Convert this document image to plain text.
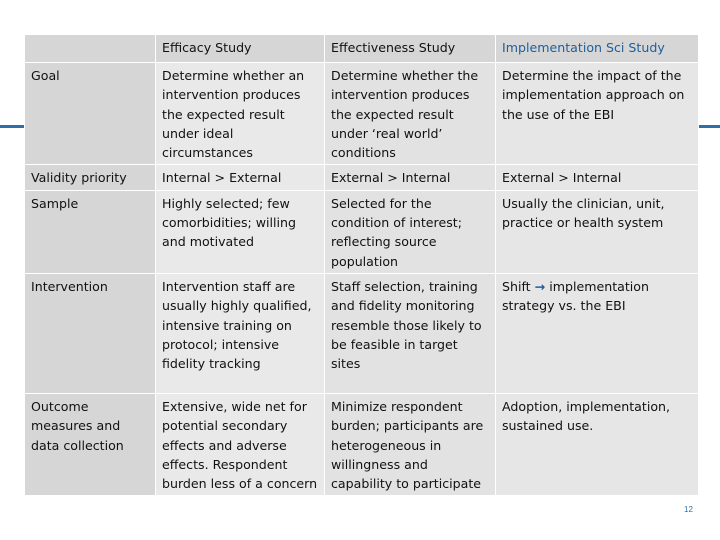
	Efficacy Study	Effectiveness Study	Implementation Sci Study
Goal	Determine whether an intervention produces the expected result under ideal circumstances	Determine whether the intervention produces the expected result under ‘real world’ conditions	Determine the impact of the implementation approach on the use of the EBI
Validity priority	Internal > External	External > Internal	External > Internal
Sample	Highly selected; few comorbidities; willing and motivated	Selected for the condition of interest; reflecting source population	Usually the clinician, unit, practice or health system
Intervention	Intervention staff are usually highly qualified, intensive training on protocol; intensive fidelity tracking	Staff selection, training and fidelity monitoring resemble those likely to be feasible in target sites	Shift → implementation strategy vs. the EBI
Outcome measures and data collection	Extensive, wide net for potential secondary effects and adverse effects. Respondent burden less of a concern	Minimize respondent burden; participants are heterogeneous in willingness and capability to participate	Adoption, implementation, sustained use.
12
